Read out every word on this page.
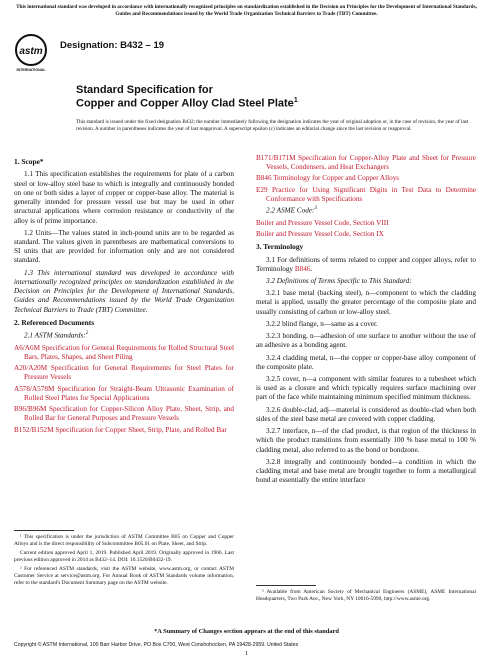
This international standard was developed in accordance with internationally recognized principles on standardization established in the Decision on Principles for the Development of International Standards, Guides and Recommendations issued by the World Trade Organization Technical Barriers to Trade (TBT) Committee.
astm
INTERNATIONAL
Designation: B432 – 19
Standard Specification for
Copper and Copper Alloy Clad Steel Plate$^1$
This standard is issued under the fixed designation B432; the number immediately following the designation indicates the year of original adoption or, in the case of revision, the year of last revision. A number in parentheses indicates the year of last reapproval. A superscript epsilon (ε) indicates an editorial change since the last revision or reapproval.
1. Scope*

1.1 This specification establishes the requirements for plate of a carbon steel or low-alloy steel base to which is integrally and continuously bonded on one or both sides a layer of copper or copper-base alloy. The material is generally intended for pressure vessel use but may be used in other structural applications where corrosion resistance or conductivity of the alloy is of prime importance.

1.2 Units—The values stated in inch-pound units are to be regarded as standard. The values given in parentheses are mathematical conversions to SI units that are provided for information only and are not considered standard.

1.3 This international standard was developed in accordance with internationally recognized principles on standardization established in the Decision on Principles for the Development of International Standards, Guides and Recommendations issued by the World Trade Organization Technical Barriers to Trade (TBT) Committee.

2. Referenced Documents

2.1 ASTM Standards:$^2$

A6/A6M Specification for General Requirements for Rolled Structural Steel Bars, Plates, Shapes, and Sheet Piling

A20/A20M Specification for General Requirements for Steel Plates for Pressure Vessels

A578/A578M Specification for Straight-Beam Ultrasonic Examination of Rolled Steel Plates for Special Applications

B96/B96M Specification for Copper-Silicon Alloy Plate, Sheet, Strip, and Rolled Bar for General Purposes and Pressure Vessels

B152/B152M Specification for Copper Sheet, Strip, Plate, and Rolled Bar

¹ This specification is under the jurisdiction of ASTM Committee B05 on Copper and Copper Alloys and is the direct responsibility of Subcommittee B05.01 on Plate, Sheet, and Strip.

Current edition approved April 1, 2019. Published April 2019. Originally approved in 1966. Last previous edition approved in 2014 as B432–14. DOI: 10.1520/B0432-19.

² For referenced ASTM standards, visit the ASTM website, www.astm.org, or contact ASTM Customer Service at service@astm.org. For Annual Book of ASTM Standards volume information, refer to the standard's Document Summary page on the ASTM website.

B171/B171M Specification for Copper-Alloy Plate and Sheet for Pressure Vessels, Condensers, and Heat Exchangers

B846 Terminology for Copper and Copper Alloys

E29 Practice for Using Significant Digits in Test Data to Determine Conformance with Specifications

2.2 ASME Code:$^3$

Boiler and Pressure Vessel Code, Section VIII

Boiler and Pressure Vessel Code, Section IX

3. Terminology

3.1 For definitions of terms related to copper and copper alloys, refer to Terminology B846.

3.2 Definitions of Terms Specific to This Standard:

3.2.1 base metal (backing steel), n—component to which the cladding metal is applied, usually the greater percentage of the composite plate and usually consisting of carbon or low-alloy steel.

3.2.2 blind flange, n—same as a cover.

3.2.3 bonding, n—adhesion of one surface to another without the use of an adhesive as a bonding agent.

3.2.4 cladding metal, n—the copper or copper-base alloy component of the composite plate.

3.2.5 cover, n—a component with similar features to a tubesheet which is used as a closure and which typically requires surface machining over part of the face while maintaining minimum specified minimum thickness.

3.2.6 double-clad, adj—material is considered as double-clad when both sides of the steel base metal are covered with copper cladding.

3.2.7 interface, n—of the clad product, is that region of the thickness in which the product transitions from essentially 100 % base metal to 100 % cladding metal, also referred to as the bond or bondzone.

3.2.8 integrally and continuously bonded—a condition in which the cladding metal and base metal are brought together to form a metallurgical bond at essentially the entire interface

³ Available from American Society of Mechanical Engineers (ASME), ASME International Headquarters, Two Park Ave., New York, NY 10016-5990, http://www.asme.org.

*A Summary of Changes section appears at the end of this standard
Copyright © ASTM International, 100 Barr Harbor Drive, PO Box C700, West Conshohocken, PA 19428-2959. United States
1
